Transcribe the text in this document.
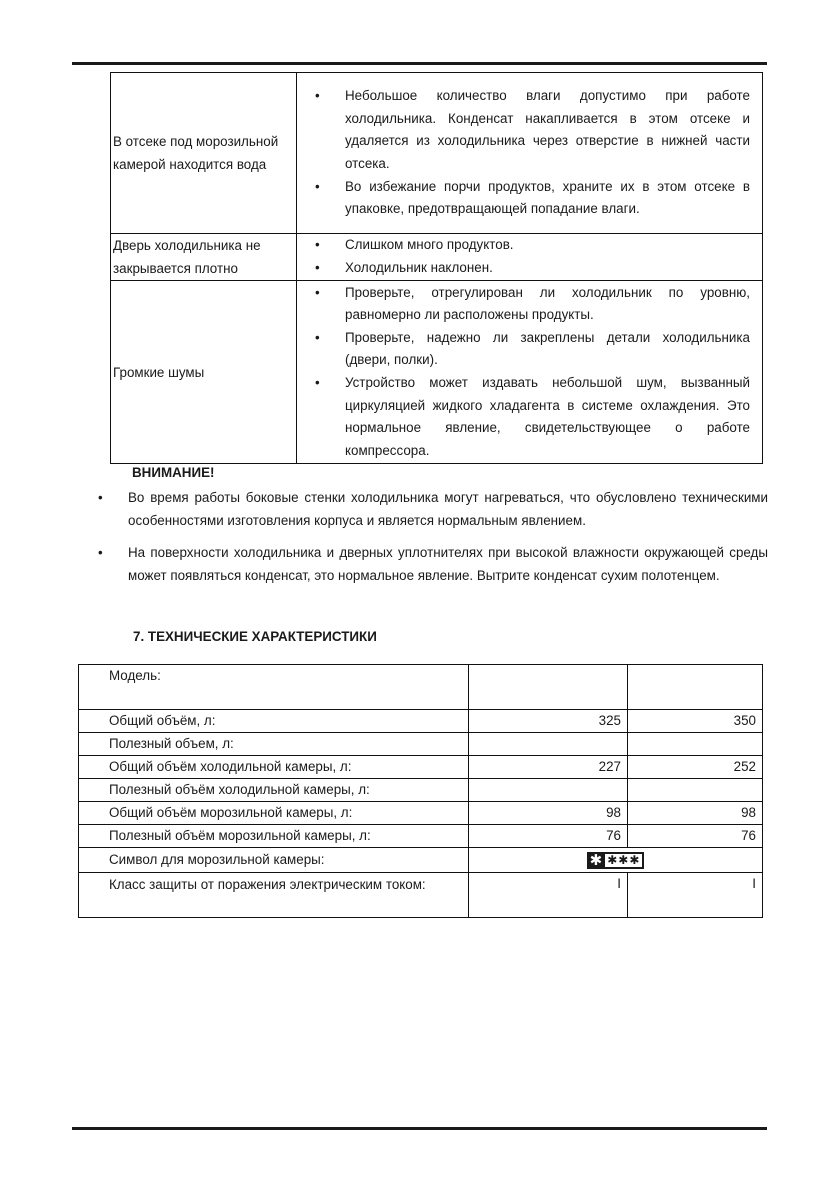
В отсеке под морозильной камерой находится вода	
• Небольшое количество влаги допустимо при работе холодильника. Конденсат накапливается в этом отсеке и удаляется из холодильника через отверстие в нижней части отсека.
• Во избежание порчи продуктов, храните их в этом отсеке в упаковке, предотвращающей попадание влаги.

Дверь холодильника не закрывается плотно	
• Слишком много продуктов.
• Холодильник наклонен.

Громкие шумы	
• Проверьте, отрегулирован ли холодильник по уровню, равномерно ли расположены продукты.
• Проверьте, надежно ли закреплены детали холодильника (двери, полки).
• Устройство может издавать небольшой шум, вызванный циркуляцией жидкого хладагента в системе охлаждения. Это нормальное явление, свидетельствующее о работе компрессора.
ВНИМАНИЕ!
• Во время работы боковые стенки холодильника могут нагреваться, что обусловлено техническими особенностями изготовления корпуса и является нормальным явлением.
• На поверхности холодильника и дверных уплотнителях при высокой влажности окружающей среды может появляться конденсат, это нормальное явление. Вытрите конденсат сухим полотенцем.
7. ТЕХНИЧЕСКИЕ ХАРАКТЕРИСТИКИ
Модель:		
Общий объём, л:	325	350
Полезный объем, л:		
Общий объём холодильной камеры, л:	227	252
Полезный объём холодильной камеры, л:		
Общий объём морозильной камеры, л:	98	98
Полезный объём морозильной камеры, л:	76	76
Символ для морозильной камеры:	✱ ✱✱✱	

Класс защиты от поражения электрическим током:	I	I
